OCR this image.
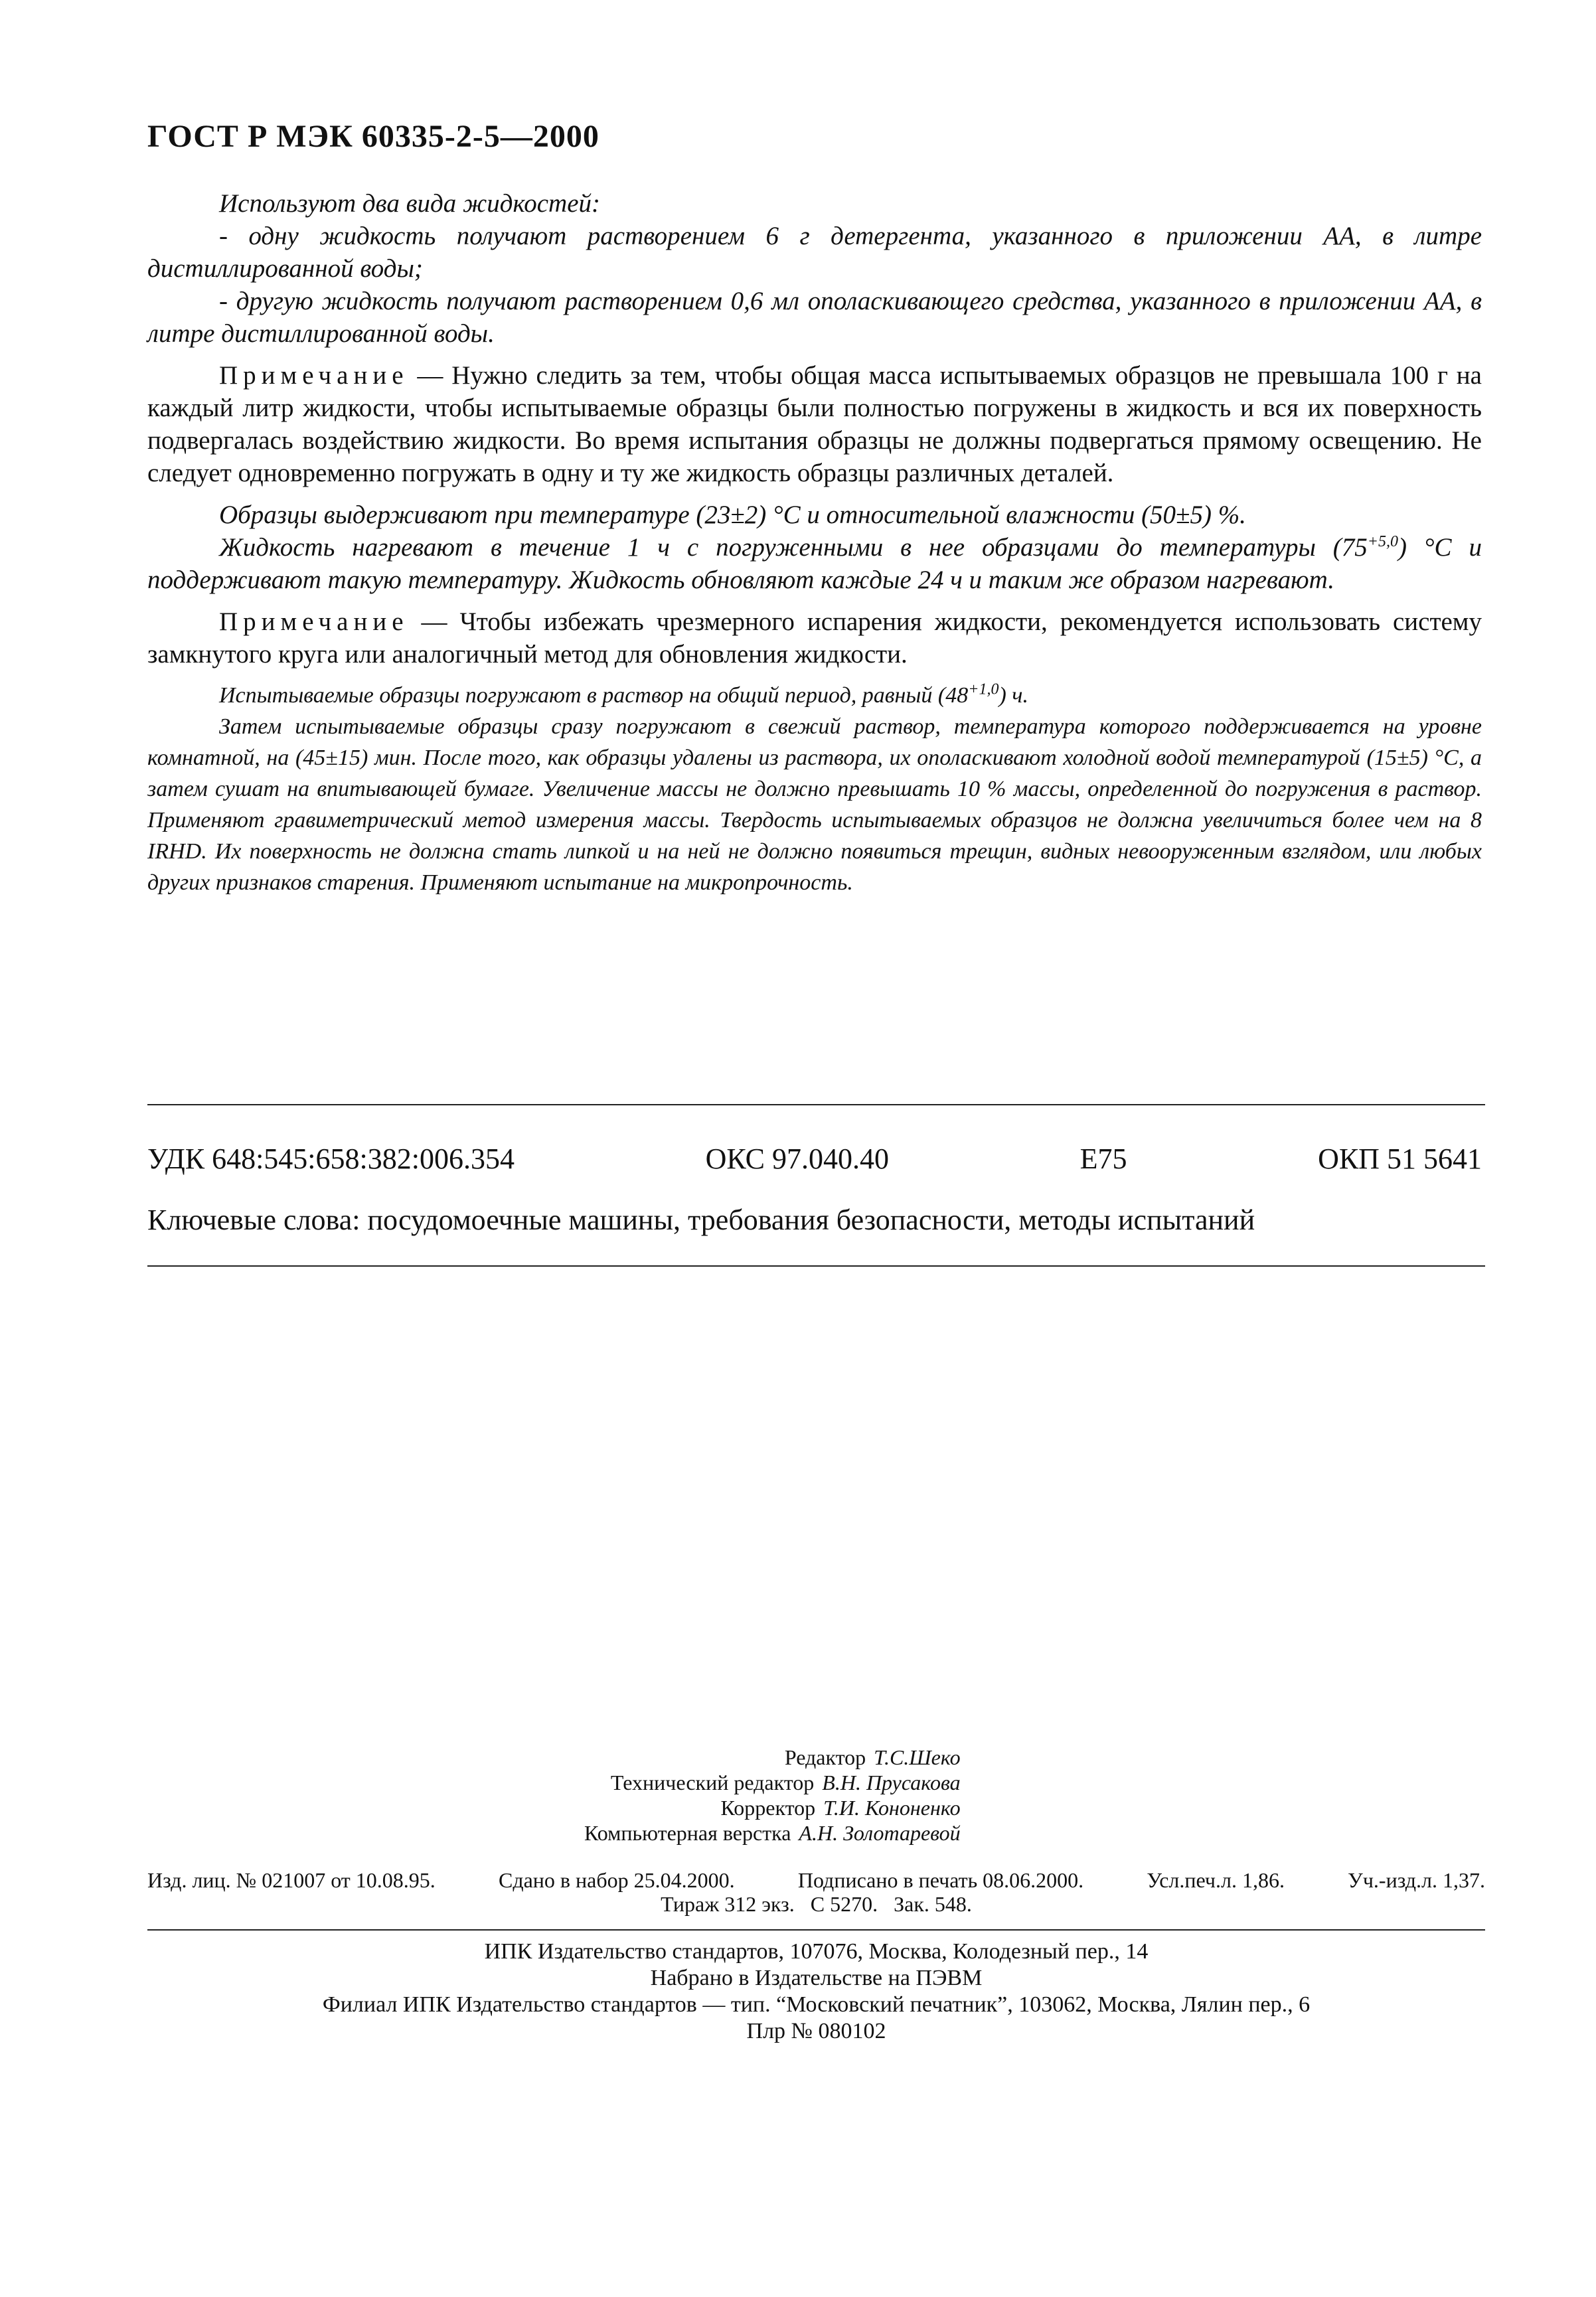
ГОСТ Р МЭК 60335-2-5—2000

Используют два вида жидкостей:

- одну жидкость получают растворением 6 г детергента, указанного в приложении АА, в литре дистиллированной воды;

- другую жидкость получают растворением 0,6 мл ополаскивающего средства, указанного в приложении АА, в литре дистиллированной воды.

Примечание — Нужно следить за тем, чтобы общая масса испытываемых образцов не превышала 100 г на каждый литр жидкости, чтобы испытываемые образцы были полностью погружены в жидкость и вся их поверхность подвергалась воздействию жидкости. Во время испытания образцы не должны подвергаться прямому освещению. Не следует одновременно погружать в одну и ту же жидкость образцы различных деталей.

Образцы выдерживают при температуре (23±2) °С и относительной влажности (50±5) %.

Жидкость нагревают в течение 1 ч с погруженными в нее образцами до температуры $(75^{+5,0})$ °С и поддерживают такую температуру. Жидкость обновляют каждые 24 ч и таким же образом нагревают.

Примечание — Чтобы избежать чрезмерного испарения жидкости, рекомендуется использовать систему замкнутого круга или аналогичный метод для обновления жидкости.

Испытываемые образцы погружают в раствор на общий период, равный $(48^{+1,0})$ ч.

Затем испытываемые образцы сразу погружают в свежий раствор, температура которого поддерживается на уровне комнатной, на (45±15) мин. После того, как образцы удалены из раствора, их ополаскивают холодной водой температурой (15±5) °С, а затем сушат на впитывающей бумаге. Увеличение массы не должно превышать 10 % массы, определенной до погружения в раствор. Применяют гравиметрический метод измерения массы. Твердость испытываемых образцов не должна увеличиться более чем на 8 IRHD. Их поверхность не должна стать липкой и на ней не должно появиться трещин, видных невооруженным взглядом, или любых других признаков старения. Применяют испытание на микропрочность.

УДК 648:545:658:382:006.354	ОКС 97.040.40	Е75	ОКП 51 5641
Ключевые слова: посудомоечные машины, требования безопасности, методы испытаний
Редактор Т.С.Шеко
Технический редактор В.Н. Прусакова
Корректор Т.И. Кононенко
Компьютерная верстка А.Н. Золотаревой
Изд. лиц. № 021007 от 10.08.95.	Сдано в набор 25.04.2000.	Подписано в печать 08.06.2000.	Усл.печ.л. 1,86.	Уч.-изд.л. 1,37.
Тираж 312 экз. С 5270. Зак. 548.

ИПК Издательство стандартов, 107076, Москва, Колодезный пер., 14

Набрано в Издательстве на ПЭВМ

Филиал ИПК Издательство стандартов — тип. “Московский печатник”, 103062, Москва, Лялин пер., 6

Плр № 080102
